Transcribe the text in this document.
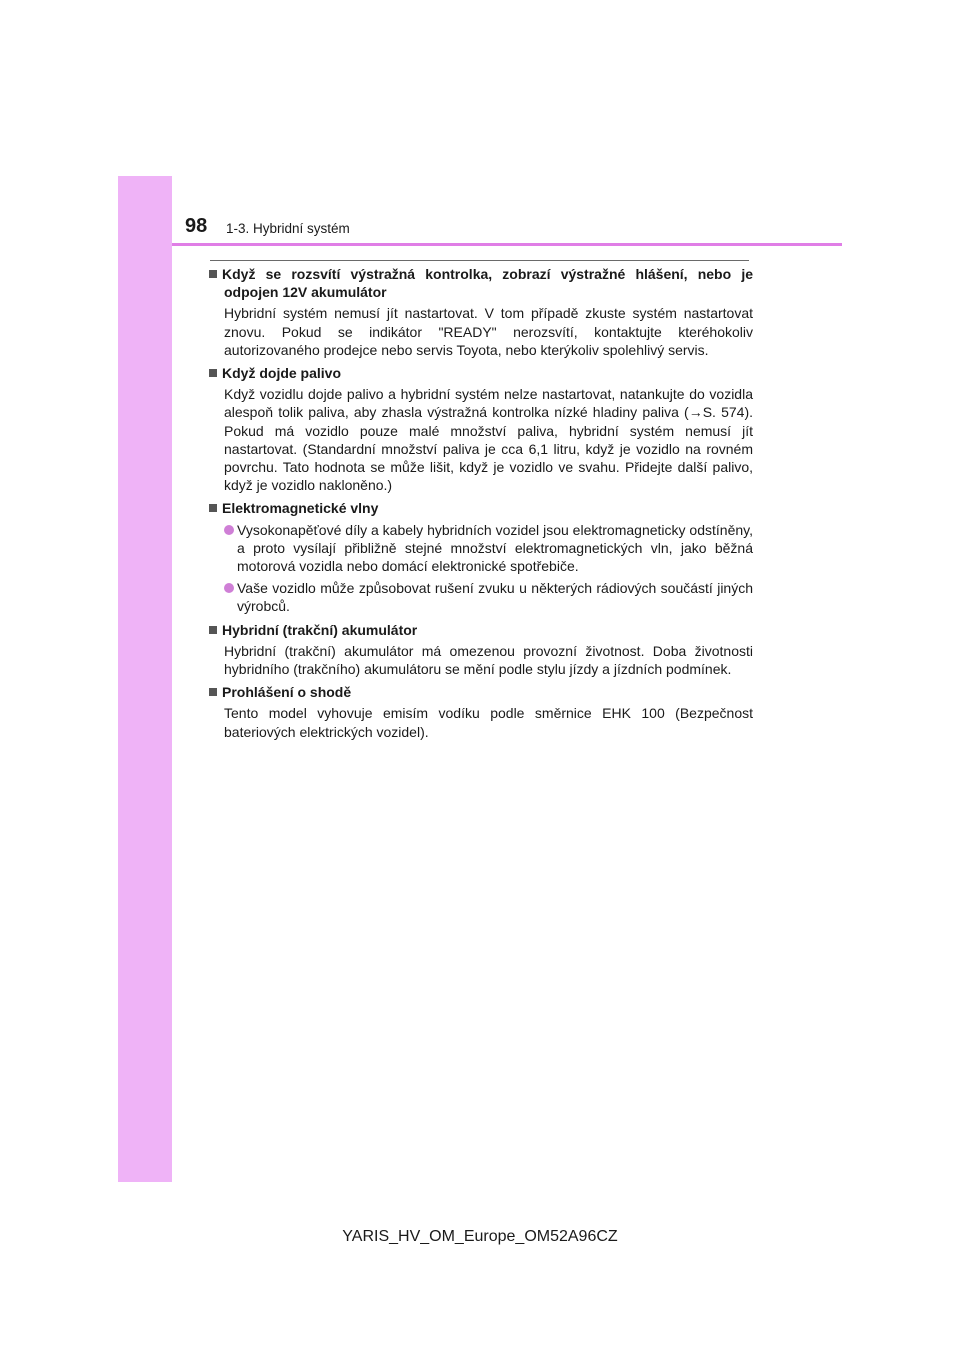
98 1-3. Hybridní systém
Když se rozsvítí výstražná kontrolka, zobrazí výstražné hlášení, nebo je odpojen 12V akumulátor
Hybridní systém nemusí jít nastartovat. V tom případě zkuste systém nastartovat znovu. Pokud se indikátor "READY" nerozsvítí, kontaktujte kteréhokoliv autorizovaného prodejce nebo servis Toyota, nebo kterýkoliv spolehlivý servis.
Když dojde palivo
Když vozidlu dojde palivo a hybridní systém nelze nastartovat, natankujte do vozidla alespoň tolik paliva, aby zhasla výstražná kontrolka nízké hladiny paliva (→S. 574). Pokud má vozidlo pouze malé množství paliva, hybridní systém nemusí jít nastartovat. (Standardní množství paliva je cca 6,1 litru, když je vozidlo na rovném povrchu. Tato hodnota se může lišit, když je vozidlo ve svahu. Přidejte další palivo, když je vozidlo nakloněno.)
Elektromagnetické vlny
Vysokonapěťové díly a kabely hybridních vozidel jsou elektromagneticky odstíněny, a proto vysílají přibližně stejné množství elektromagnetických vln, jako běžná motorová vozidla nebo domácí elektronické spotřebiče.
Vaše vozidlo může způsobovat rušení zvuku u některých rádiových součástí jiných výrobců.
Hybridní (trakční) akumulátor
Hybridní (trakční) akumulátor má omezenou provozní životnost. Doba životnosti hybridního (trakčního) akumulátoru se mění podle stylu jízdy a jízdních podmínek.
Prohlášení o shodě
Tento model vyhovuje emisím vodíku podle směrnice EHK 100 (Bezpečnost bateriových elektrických vozidel).
YARIS_HV_OM_Europe_OM52A96CZ
